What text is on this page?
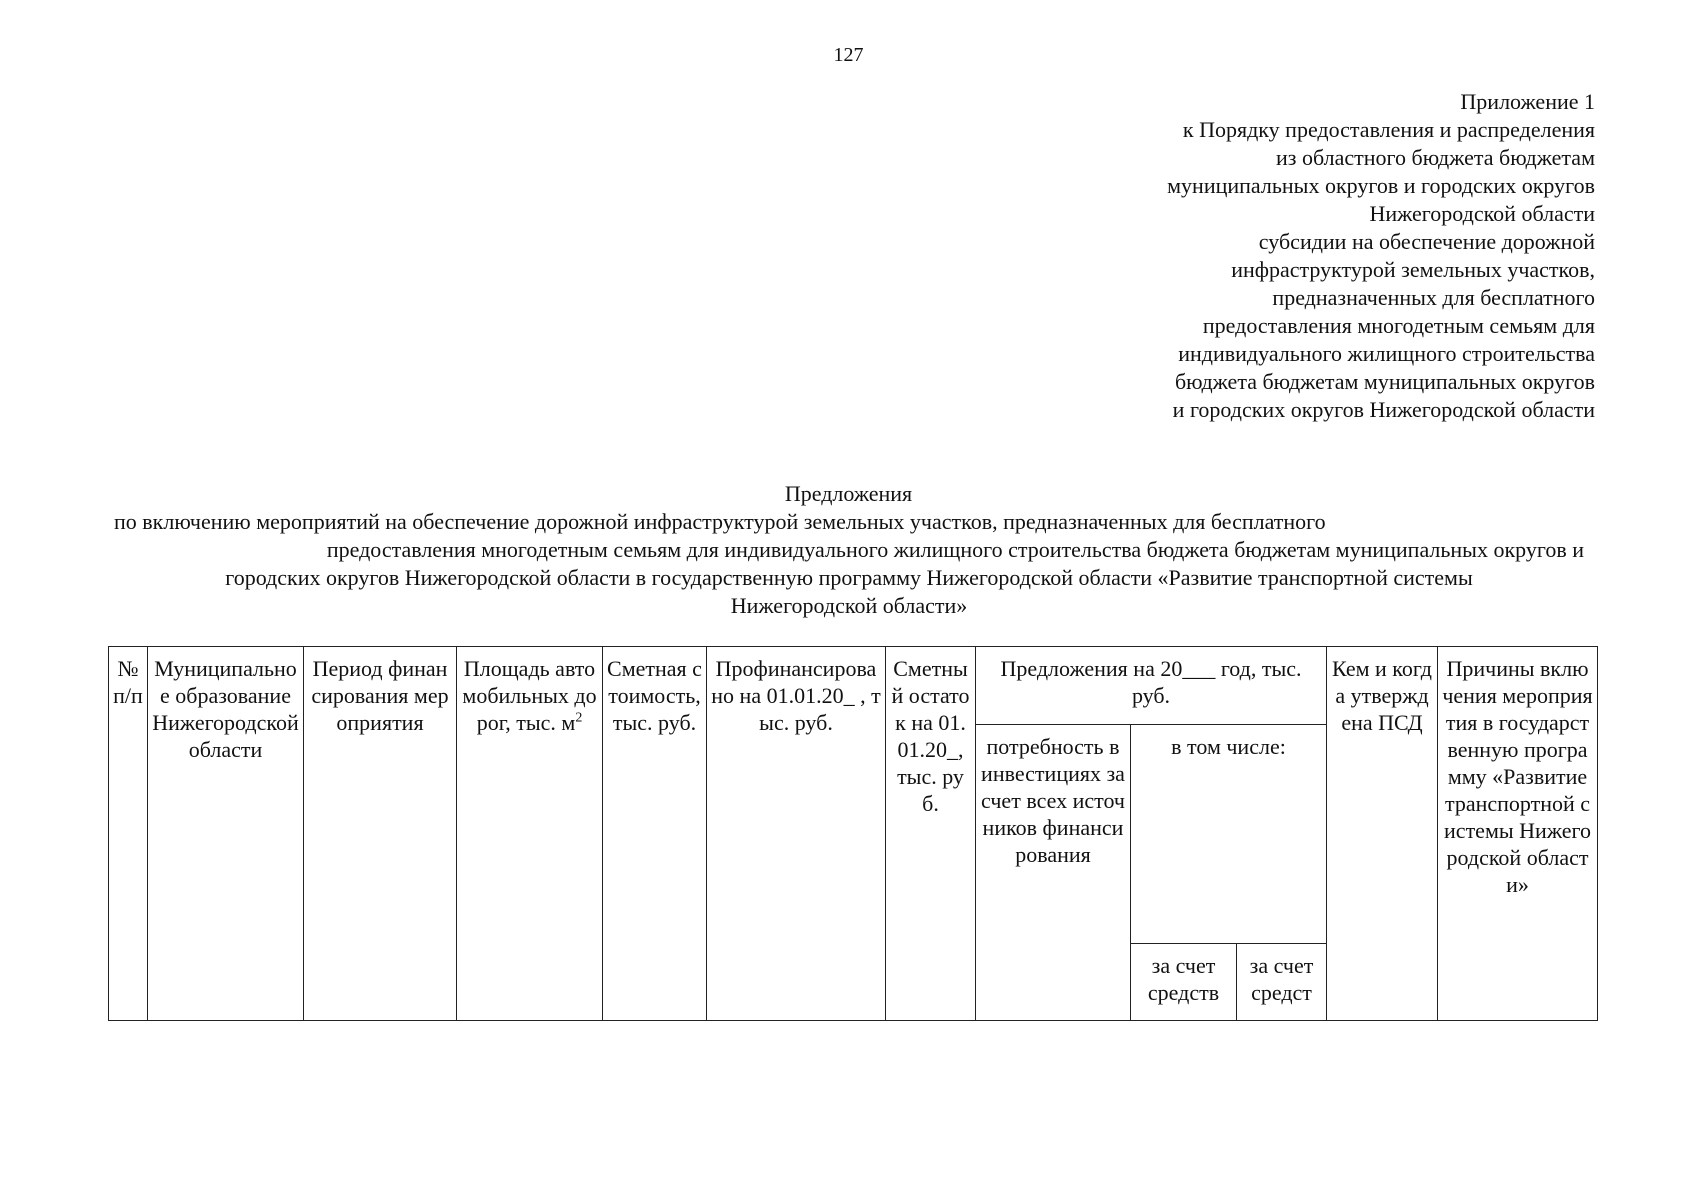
127
Приложение 1
к Порядку предоставления и распределения
из областного бюджета бюджетам
муниципальных округов и городских округов
Нижегородской области
субсидии на обеспечение дорожной
инфраструктурой земельных участков,
предназначенных для бесплатного
предоставления многодетным семьям для
индивидуального жилищного строительства
бюджета бюджетам муниципальных округов
и городских округов Нижегородской области
Предложения
по включению мероприятий на обеспечение дорожной инфраструктурой земельных участков, предназначенных для бесплатного
предоставления многодетным семьям для индивидуального жилищного строительства бюджета бюджетам муниципальных округов и
городских округов Нижегородской области в государственную программу Нижегородской области «Развитие транспортной системы
Нижегородской области»
№ п/п	Муниципальное образование Нижегородской области	Период финансирования мероприятия	Площадь автомобильных дорог, тыс. $м^2$	Сметная стоимость, тыс. руб.	Профинансировано на 01.01.20_ , тыс. руб.	Сметный остаток на 01.01.20_, тыс. руб.	Предложения на 20___ год, тыс. руб.			Кем и когда утверждена ПСД	Причины включения мероприятия в государственную программу «Развитие транспортной системы Нижегородской области»
							потребность в инвестициях за счет всех источников финансирования	в том числе:			
								за счет средств	за счет средст		
